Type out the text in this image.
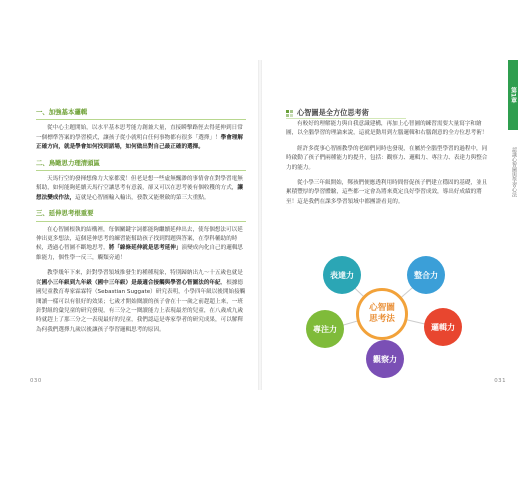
一、加強基本邏輯

從中心主題開始，以水平基本思考能力創兼大量，直接瞬擊路徑去得延伸到日常一個標準答案的學習模式，讓孩子從小就明白任何事物都有很多「選擇」！學會理解正確方向，就是學會如何找到諾場，如何做出對自己最正確的選擇。

二、鳥瞰思力理清頭區

天馬行空的發揮想像力大家都愛！但老是想一些虛無飄渺的事情會在對學習電無幫助，如何能夠延續天馬行空讓思考有意義，卻又可以在思考後有個收穫的方式，讓想法變成作法，這就是心智圖輸入輸出，發散又能聚斂的第三大重點。

三、延伸思考根重要

在心智圖根執的結構裡，每個關鍵字詞都能夠繼續延伸出去，使每個想法可以延伸出更多想法，這個延伸思考的練習能幫助孩子找到問題與答案，在學科輔助的時候，透過心智圖不斷地思考，將「線條延伸就是思考延伸」演變成內化自己的邏輯思維能力，個性學一反三，觸類旁通！

教學幾年下來，針對學習領域推發生的種種現象，特別歸納出九～十五歲也就是從國小三年級到九年級（國中三年級）是最適合接觸與學習心智圖法的年紀，根據德國兒童教育專家霖霖特（Sebastian Suggate）研究表明，小學四年級以後開始接觸閱讀一樣可以有很好的效果；七歲才開始閱讀的孩子會在十一歲之前趕超上來，一班針對組的彙兒童的研究發現，有三分之一閱讀能力上表現最差的兒童，在八歲成九歲時就趕上了那三分之一表現最好的兒童，我們認這是專家學者的研究成果，可以解釋為何我們選擇九歲以後讓孩子學習邏輯思考的原因。

030
心智圖是全方位思考術
第1章
認識心智圖與學習心法

有較好的理解能力與自我意識建構，再加上心智圖的練習需要大量寫字和繪圖，以全腦學習的理論來說，這就是動用到左腦邏輯和右腦創意的全方位思考術！

經許多從事心智圖教學的老師們同時也發現，在屬於全腦型學習的過程中，同時啟動了孩子們兩種能力的提升，包括：觀察力、邏輯力、專注力、表達力與整合力的能力。

從小學三年級開始，鄭孩們便應透利用時間督促孩子們建立穩固的基礎，並且累積豐厚的學習體驗，這些都一定會為將來奠定良好學習成效，導出好成績的將至！這是我們在課多學習領域中都團證看見的。

031
心智圖
思考法
表達力	整合力
專注力
觀察力
邏輯力
